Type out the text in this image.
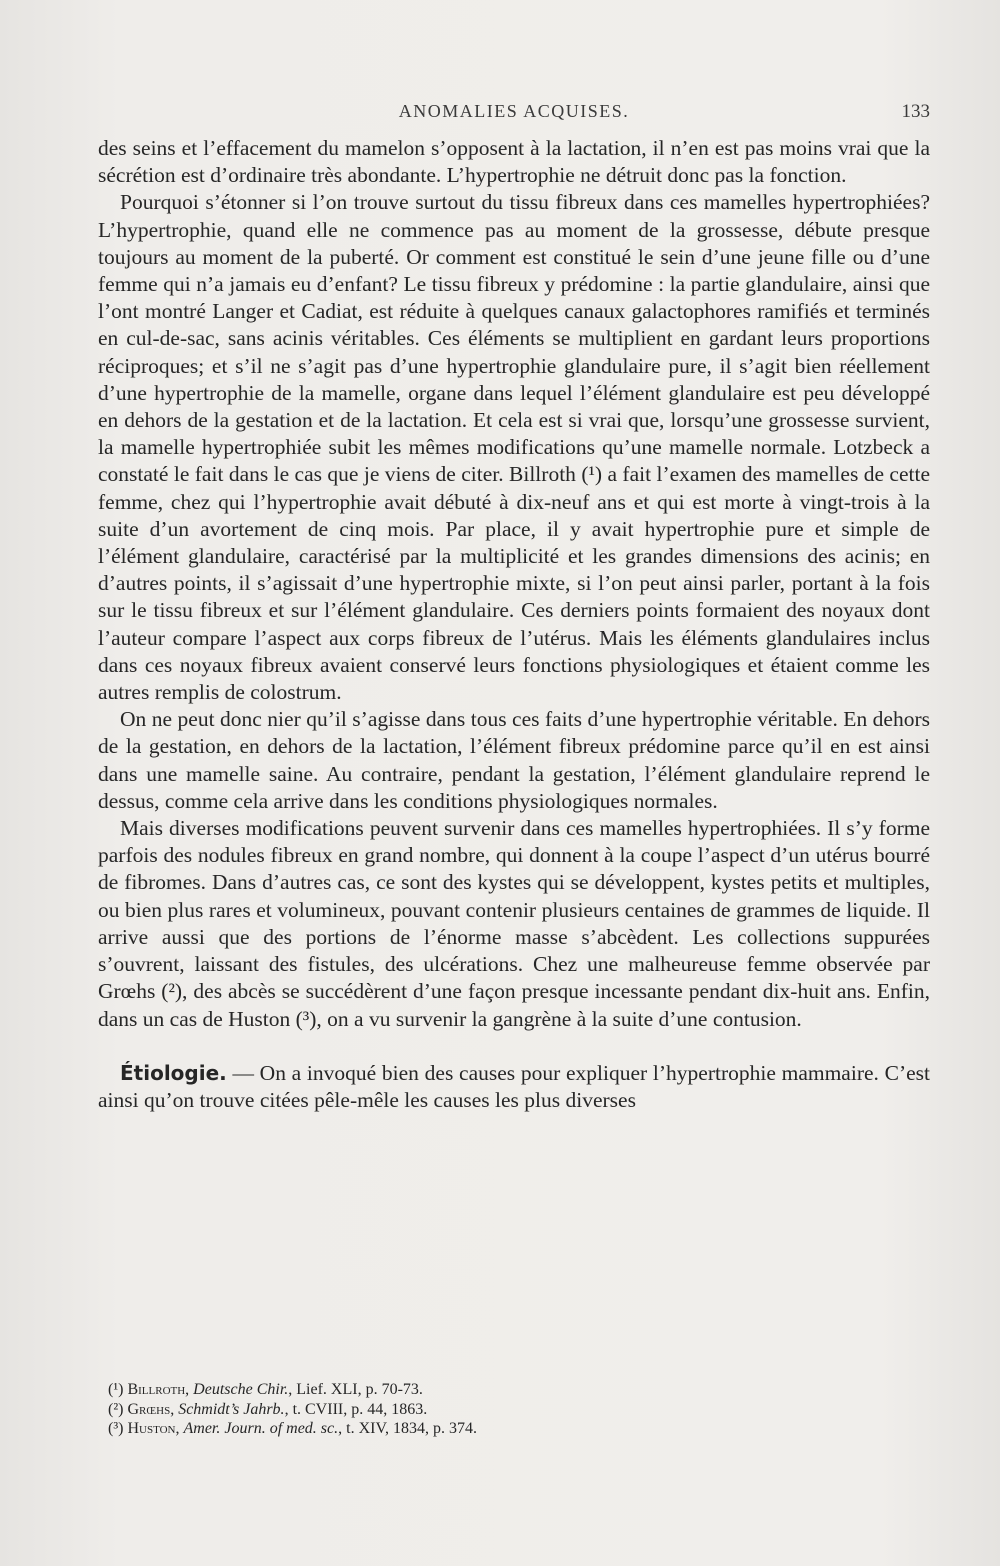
ANOMALIES ACQUISES.	133

des seins et l’effacement du mamelon s’opposent à la lactation, il n’en est pas moins vrai que la sécrétion est d’ordinaire très abondante. L’hypertrophie ne détruit donc pas la fonction.

Pourquoi s’étonner si l’on trouve surtout du tissu fibreux dans ces mamelles hypertrophiées? L’hypertrophie, quand elle ne commence pas au moment de la grossesse, débute presque toujours au moment de la puberté. Or comment est constitué le sein d’une jeune fille ou d’une femme qui n’a jamais eu d’enfant? Le tissu fibreux y prédomine : la partie glandulaire, ainsi que l’ont montré Langer et Cadiat, est réduite à quelques canaux galactophores ramifiés et terminés en cul-de-sac, sans acinis véritables. Ces éléments se multiplient en gardant leurs proportions réciproques; et s’il ne s’agit pas d’une hypertrophie glandulaire pure, il s’agit bien réellement d’une hypertrophie de la mamelle, organe dans lequel l’élément glandulaire est peu développé en dehors de la gestation et de la lactation. Et cela est si vrai que, lorsqu’une grossesse survient, la mamelle hypertrophiée subit les mêmes modifications qu’une mamelle normale. Lotzbeck a constaté le fait dans le cas que je viens de citer. Billroth (¹) a fait l’examen des mamelles de cette femme, chez qui l’hypertrophie avait débuté à dix-neuf ans et qui est morte à vingt-trois à la suite d’un avortement de cinq mois. Par place, il y avait hypertrophie pure et simple de l’élément glandulaire, caractérisé par la multiplicité et les grandes dimensions des acinis; en d’autres points, il s’agissait d’une hypertrophie mixte, si l’on peut ainsi parler, portant à la fois sur le tissu fibreux et sur l’élément glandulaire. Ces derniers points formaient des noyaux dont l’auteur compare l’aspect aux corps fibreux de l’utérus. Mais les éléments glandulaires inclus dans ces noyaux fibreux avaient conservé leurs fonctions physiologiques et étaient comme les autres remplis de colostrum.

On ne peut donc nier qu’il s’agisse dans tous ces faits d’une hypertrophie véritable. En dehors de la gestation, en dehors de la lactation, l’élément fibreux prédomine parce qu’il en est ainsi dans une mamelle saine. Au contraire, pendant la gestation, l’élément glandulaire reprend le dessus, comme cela arrive dans les conditions physiologiques normales.

Mais diverses modifications peuvent survenir dans ces mamelles hypertrophiées. Il s’y forme parfois des nodules fibreux en grand nombre, qui donnent à la coupe l’aspect d’un utérus bourré de fibromes. Dans d’autres cas, ce sont des kystes qui se développent, kystes petits et multiples, ou bien plus rares et volumineux, pouvant contenir plusieurs centaines de grammes de liquide. Il arrive aussi que des portions de l’énorme masse s’abcèdent. Les collections suppurées s’ouvrent, laissant des fistules, des ulcérations. Chez une malheureuse femme observée par Grœhs (²), des abcès se succédèrent d’une façon presque incessante pendant dix-huit ans. Enfin, dans un cas de Huston (³), on a vu survenir la gangrène à la suite d’une contusion.

Étiologie. — On a invoqué bien des causes pour expliquer l’hypertrophie mammaire. C’est ainsi qu’on trouve citées pêle-mêle les causes les plus diverses

(¹) Billroth, Deutsche Chir., Lief. XLI, p. 70-73.
(²) Grœhs, Schmidt’s Jahrb., t. CVIII, p. 44, 1863.
(³) Huston, Amer. Journ. of med. sc., t. XIV, 1834, p. 374.
